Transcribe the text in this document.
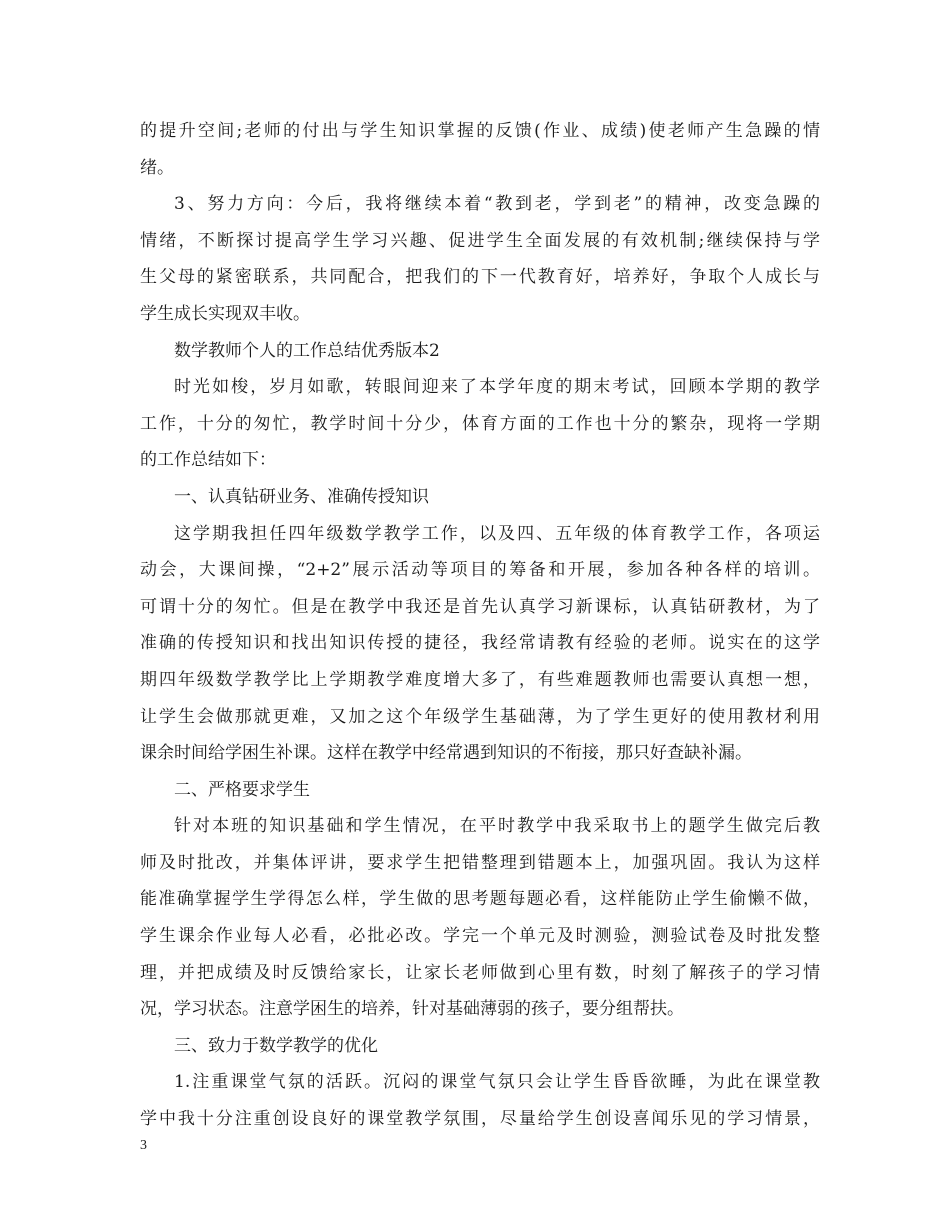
的提升空间;老师的付出与学生知识掌握的反馈(作业、成绩)使老师产生急躁的情
绪。
3、努力方向：今后，我将继续本着“教到老，学到老”的精神，改变急躁的
情绪，不断探讨提高学生学习兴趣、促进学生全面发展的有效机制;继续保持与学
生父母的紧密联系，共同配合，把我们的下一代教育好，培养好，争取个人成长与
学生成长实现双丰收。
数学教师个人的工作总结优秀版本2
时光如梭，岁月如歌，转眼间迎来了本学年度的期末考试，回顾本学期的教学
工作，十分的匆忙，教学时间十分少，体育方面的工作也十分的繁杂，现将一学期
的工作总结如下：
一、认真钻研业务、准确传授知识
这学期我担任四年级数学教学工作，以及四、五年级的体育教学工作，各项运
动会，大课间操，“2+2”展示活动等项目的筹备和开展，参加各种各样的培训。
可谓十分的匆忙。但是在教学中我还是首先认真学习新课标，认真钻研教材，为了
准确的传授知识和找出知识传授的捷径，我经常请教有经验的老师。说实在的这学
期四年级数学教学比上学期教学难度增大多了，有些难题教师也需要认真想一想，
让学生会做那就更难，又加之这个年级学生基础薄，为了学生更好的使用教材利用
课余时间给学困生补课。这样在教学中经常遇到知识的不衔接，那只好查缺补漏。
二、严格要求学生
针对本班的知识基础和学生情况，在平时教学中我采取书上的题学生做完后教
师及时批改，并集体评讲，要求学生把错整理到错题本上，加强巩固。我认为这样
能准确掌握学生学得怎么样，学生做的思考题每题必看，这样能防止学生偷懒不做，
学生课余作业每人必看，必批必改。学完一个单元及时测验，测验试卷及时批发整
理，并把成绩及时反馈给家长，让家长老师做到心里有数，时刻了解孩子的学习情
况，学习状态。注意学困生的培养，针对基础薄弱的孩子，要分组帮扶。
三、致力于数学教学的优化
1.注重课堂气氛的活跃。沉闷的课堂气氛只会让学生昏昏欲睡，为此在课堂教
学中我十分注重创设良好的课堂教学氛围，尽量给学生创设喜闻乐见的学习情景，
3
